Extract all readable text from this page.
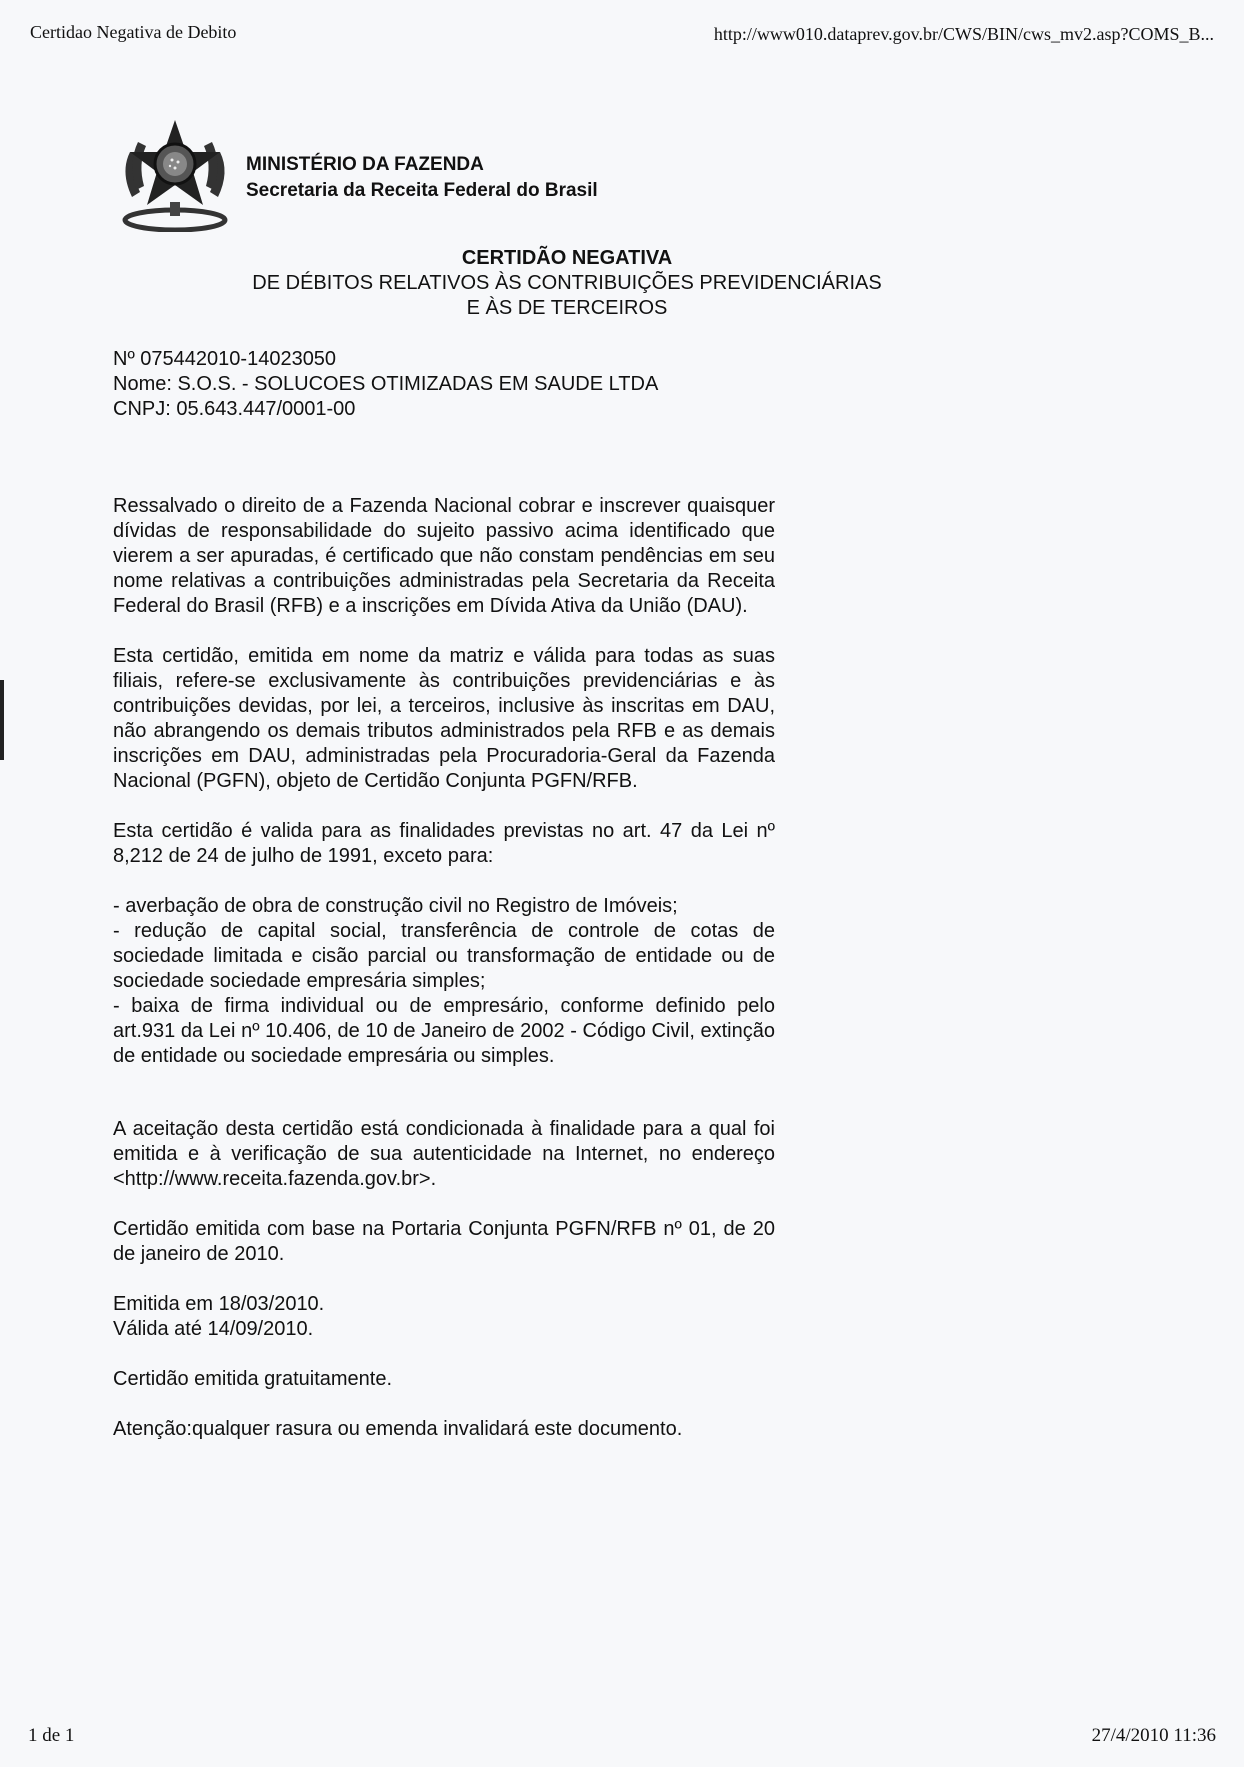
Certidao Negativa de Debito	http://www010.dataprev.gov.br/CWS/BIN/cws_mv2.asp?COMS_B...
MINISTÉRIO DA FAZENDA
Secretaria da Receita Federal do Brasil
CERTIDÃO NEGATIVA
DE DÉBITOS RELATIVOS ÀS CONTRIBUIÇÕES PREVIDENCIÁRIAS
E ÀS DE TERCEIROS
Nº 075442010-14023050
Nome: S.O.S. - SOLUCOES OTIMIZADAS EM SAUDE LTDA
CNPJ: 05.643.447/0001-00

Ressalvado o direito de a Fazenda Nacional cobrar e inscrever quaisquer dívidas de responsabilidade do sujeito passivo acima identificado que vierem a ser apuradas, é certificado que não constam pendências em seu nome relativas a contribuições administradas pela Secretaria da Receita Federal do Brasil (RFB) e a inscrições em Dívida Ativa da União (DAU).

Esta certidão, emitida em nome da matriz e válida para todas as suas filiais, refere-se exclusivamente às contribuições previdenciárias e às contribuições devidas, por lei, a terceiros, inclusive às inscritas em DAU, não abrangendo os demais tributos administrados pela RFB e as demais inscrições em DAU, administradas pela Procuradoria-Geral da Fazenda Nacional (PGFN), objeto de Certidão Conjunta PGFN/RFB.

Esta certidão é valida para as finalidades previstas no art. 47 da Lei nº 8,212 de 24 de julho de 1991, exceto para:

- averbação de obra de construção civil no Registro de Imóveis;

- redução de capital social, transferência de controle de cotas de sociedade limitada e cisão parcial ou transformação de entidade ou de sociedade sociedade empresária simples;

- baixa de firma individual ou de empresário, conforme definido pelo art.931 da Lei nº 10.406, de 10 de Janeiro de 2002 - Código Civil, extinção de entidade ou sociedade empresária ou simples.

A aceitação desta certidão está condicionada à finalidade para a qual foi emitida e à verificação de sua autenticidade na Internet, no endereço <http://www.receita.fazenda.gov.br>.

Certidão emitida com base na Portaria Conjunta PGFN/RFB nº 01, de 20 de janeiro de 2010.

Emitida em 18/03/2010.

Válida até 14/09/2010.

Certidão emitida gratuitamente.

Atenção:qualquer rasura ou emenda invalidará este documento.

1 de 1	27/4/2010 11:36
